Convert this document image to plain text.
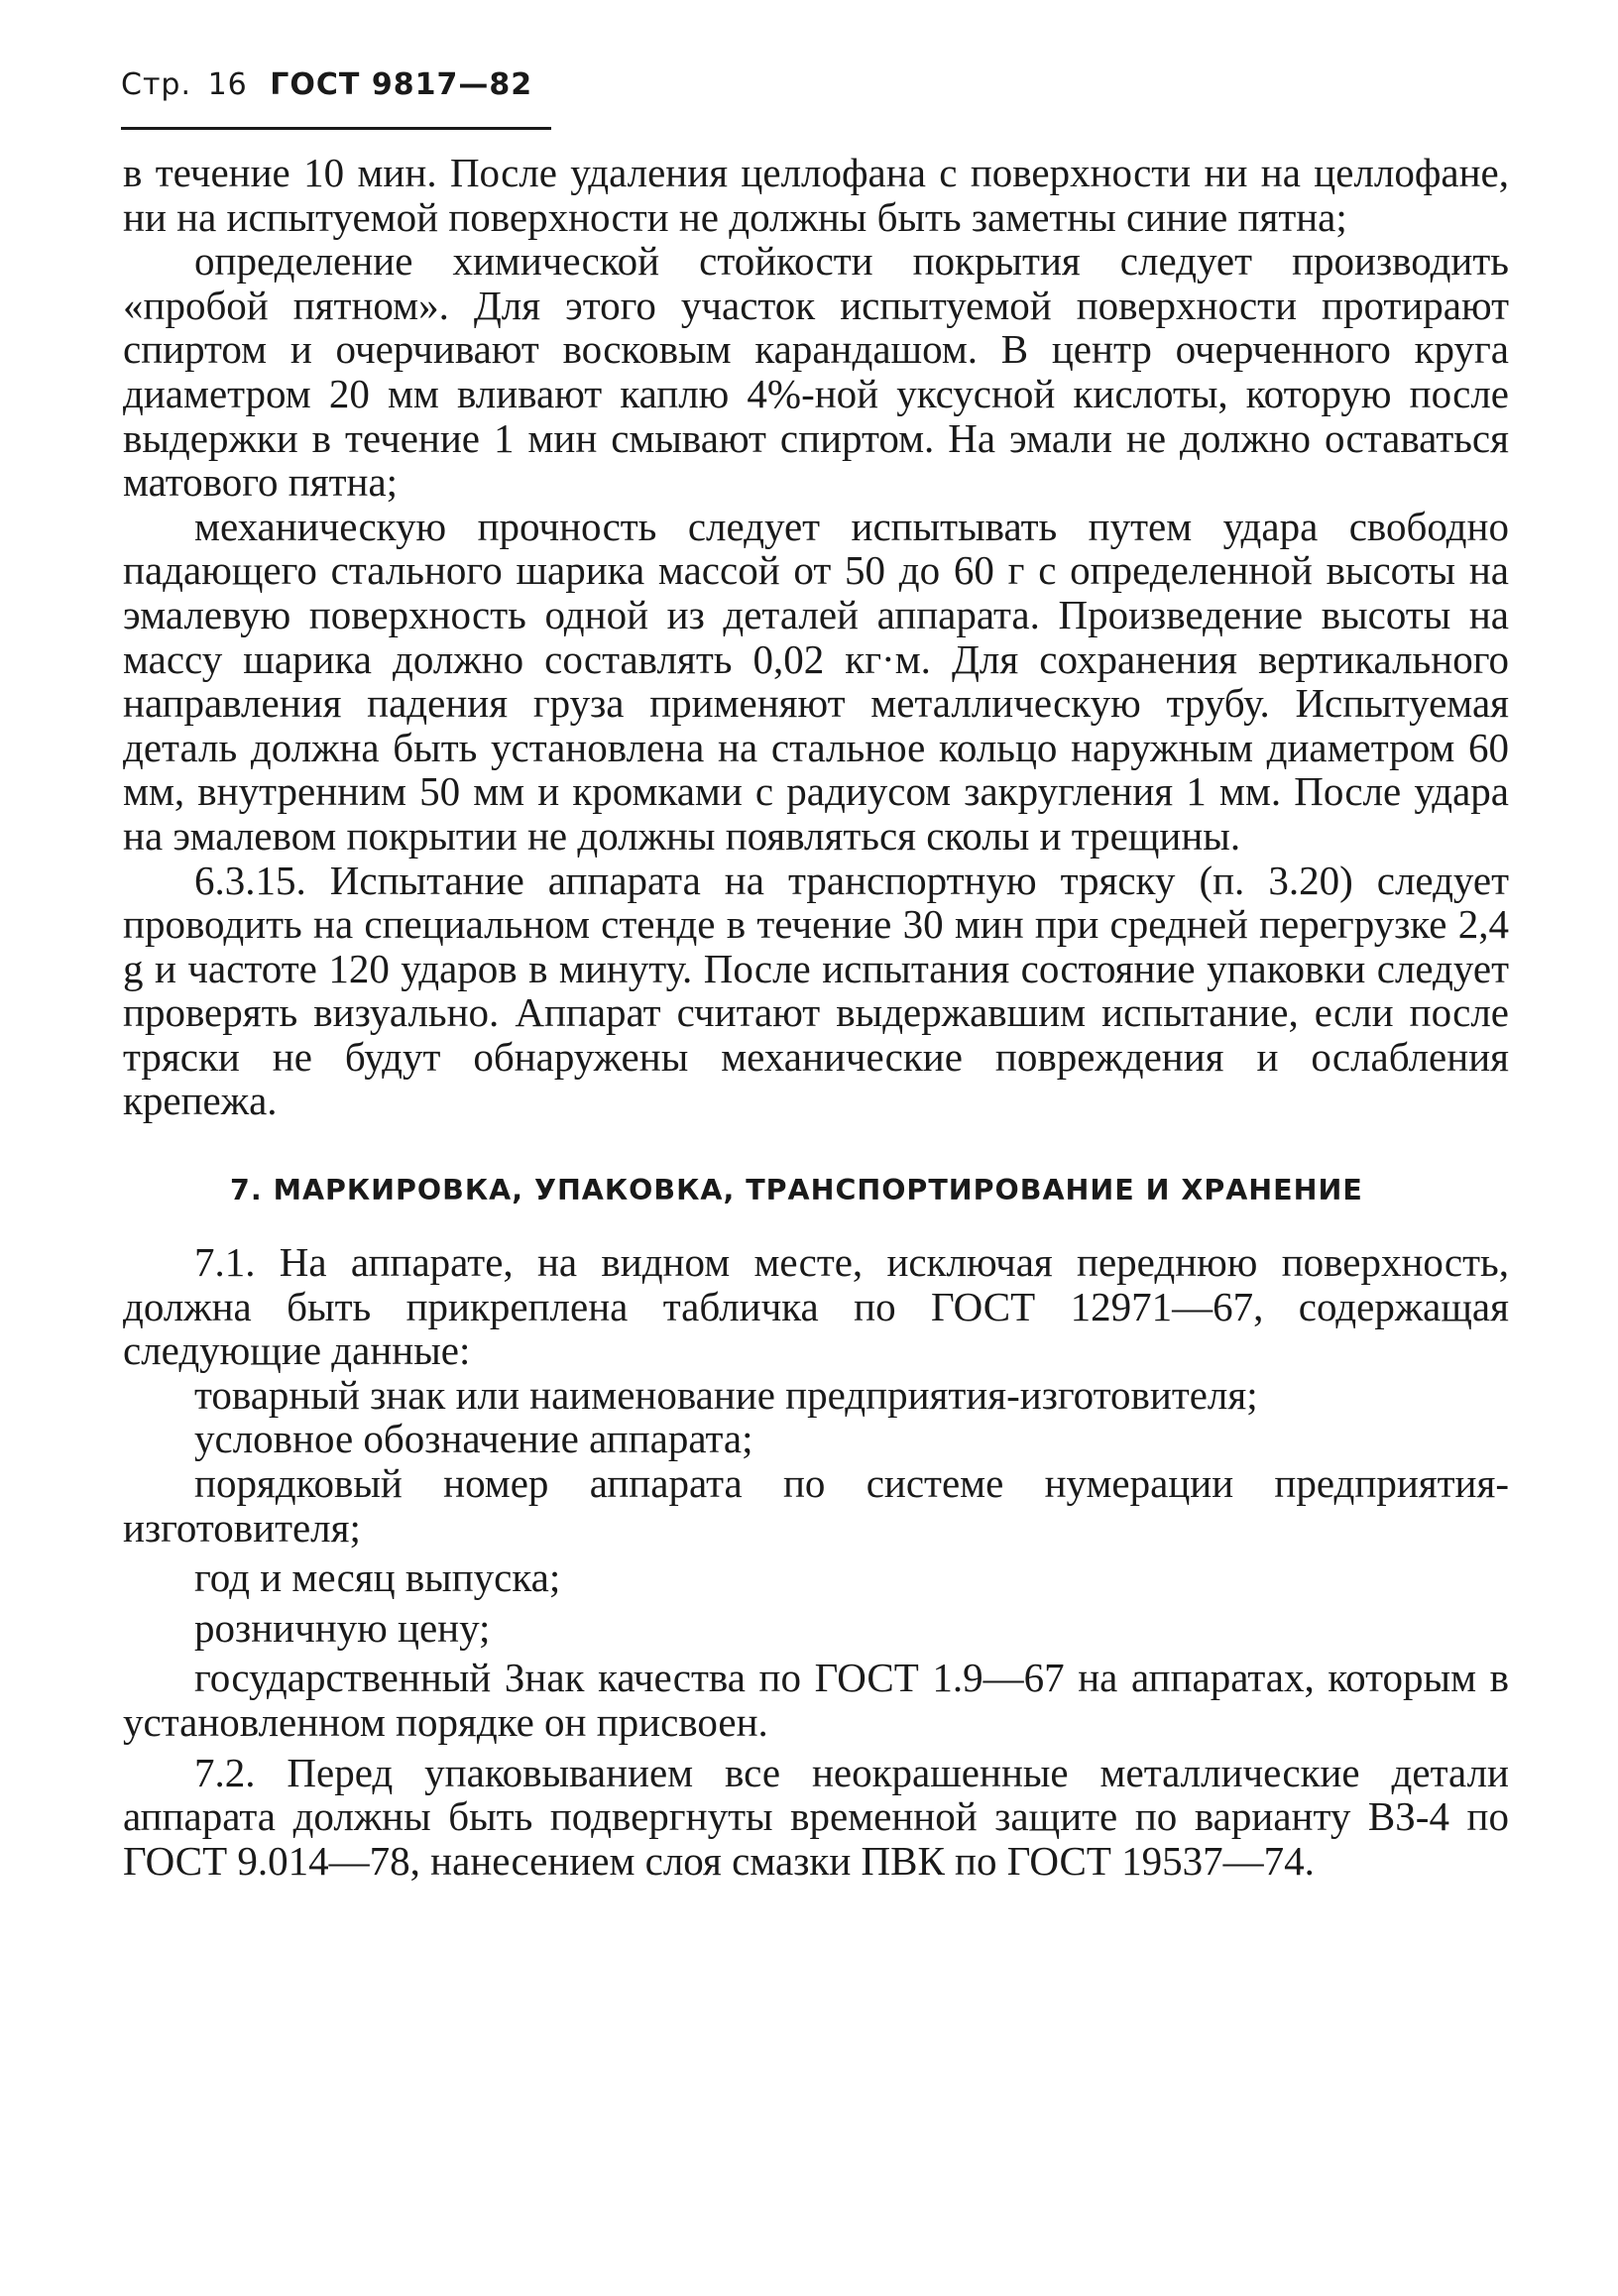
Стр. 16 ГОСТ 9817—82

в течение 10 мин. После удаления целлофана с поверхности ни на целлофане, ни на испытуемой поверхности не должны быть заметны синие пятна;

определение химической стойкости покрытия следует производить «пробой пятном». Для этого участок испытуемой поверхности протирают спиртом и очерчивают восковым карандашом. В центр очерченного круга диаметром 20 мм вливают каплю 4%-ной уксусной кислоты, которую после выдержки в течение 1 мин смывают спиртом. На эмали не должно оставаться матового пятна;

механическую прочность следует испытывать путем удара свободно падающего стального шарика массой от 50 до 60 г с определенной высоты на эмалевую поверхность одной из деталей аппарата. Произведение высоты на массу шарика должно составлять 0,02 кг·м. Для сохранения вертикального направления падения груза применяют металлическую трубу. Испытуемая деталь должна быть установлена на стальное кольцо наружным диаметром 60 мм, внутренним 50 мм и кромками с радиусом закругления 1 мм. После удара на эмалевом покрытии не должны появляться сколы и трещины.

6.3.15. Испытание аппарата на транспортную тряску (п. 3.20) следует проводить на специальном стенде в течение 30 мин при средней перегрузке 2,4 g и частоте 120 ударов в минуту. После испытания состояние упаковки следует проверять визуально. Аппарат считают выдержавшим испытание, если после тряски не будут обнаружены механические повреждения и ослабления крепежа.

7. МАРКИРОВКА, УПАКОВКА, ТРАНСПОРТИРОВАНИЕ И ХРАНЕНИЕ

7.1. На аппарате, на видном месте, исключая переднюю поверхность, должна быть прикреплена табличка по ГОСТ 12971—67, содержащая следующие данные:

товарный знак или наименование предприятия-изготовителя;

условное обозначение аппарата;

порядковый номер аппарата по системе нумерации предприятия-изготовителя;

год и месяц выпуска;

розничную цену;

государственный Знак качества по ГОСТ 1.9—67 на аппаратах, которым в установленном порядке он присвоен.

7.2. Перед упаковыванием все неокрашенные металлические детали аппарата должны быть подвергнуты временной защите по варианту ВЗ-4 по ГОСТ 9.014—78, нанесением слоя смазки ПВК по ГОСТ 19537—74.
